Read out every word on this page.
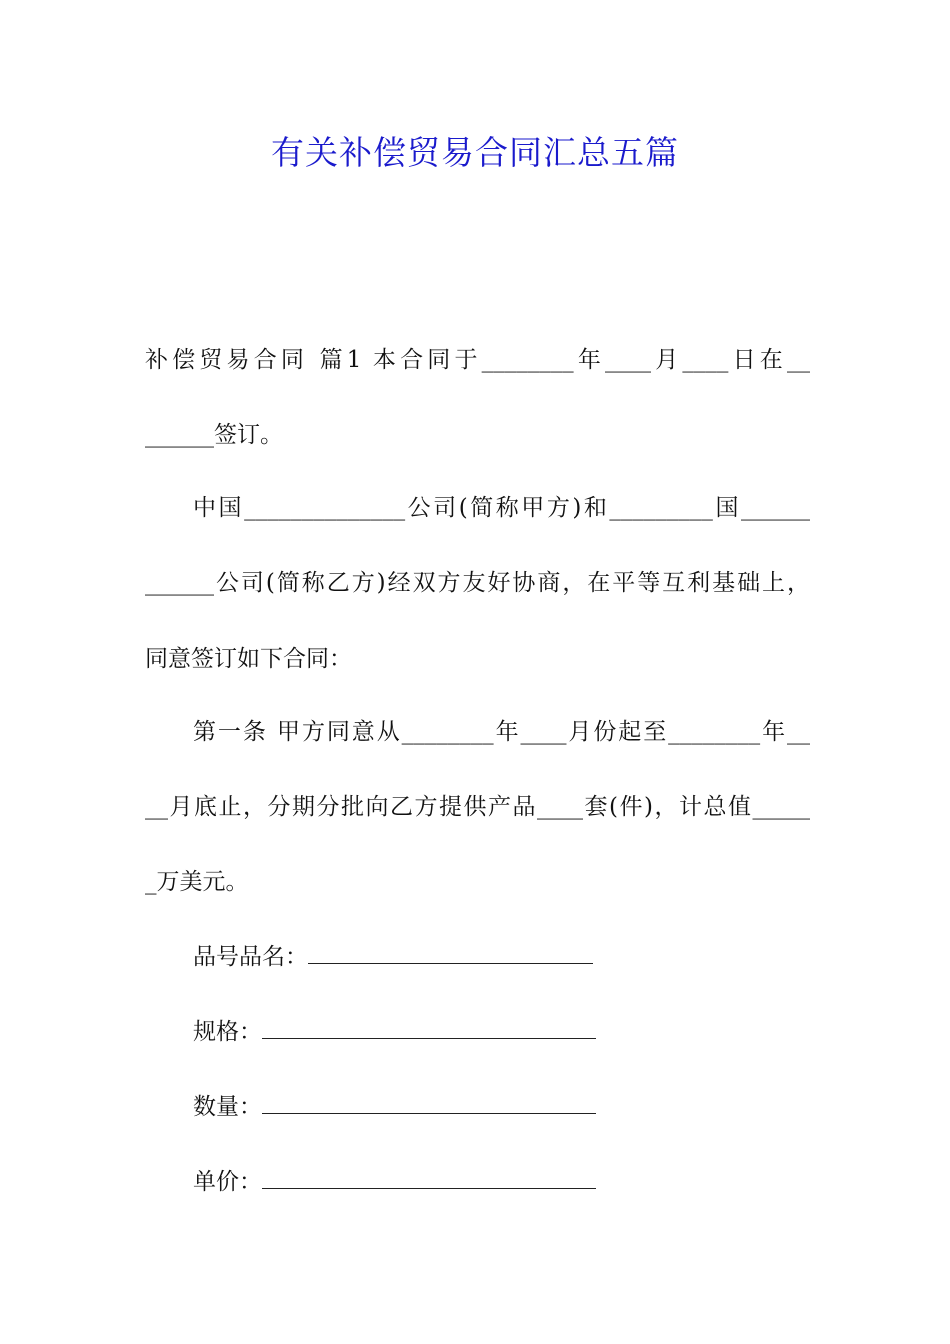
有关补偿贸易合同汇总五篇
补偿贸易合同 篇1 本合同于________年____月____日在__
______签订。
中国______________公司(简称甲方)和_________国______
______公司(简称乙方)经双方友好协商，在平等互利基础上，
同意签订如下合同：
第一条 甲方同意从________年____月份起至________年__
__月底止，分期分批向乙方提供产品____套(件)，计总值_____
_万美元。
品号品名：
规格：
数量：
单价：
